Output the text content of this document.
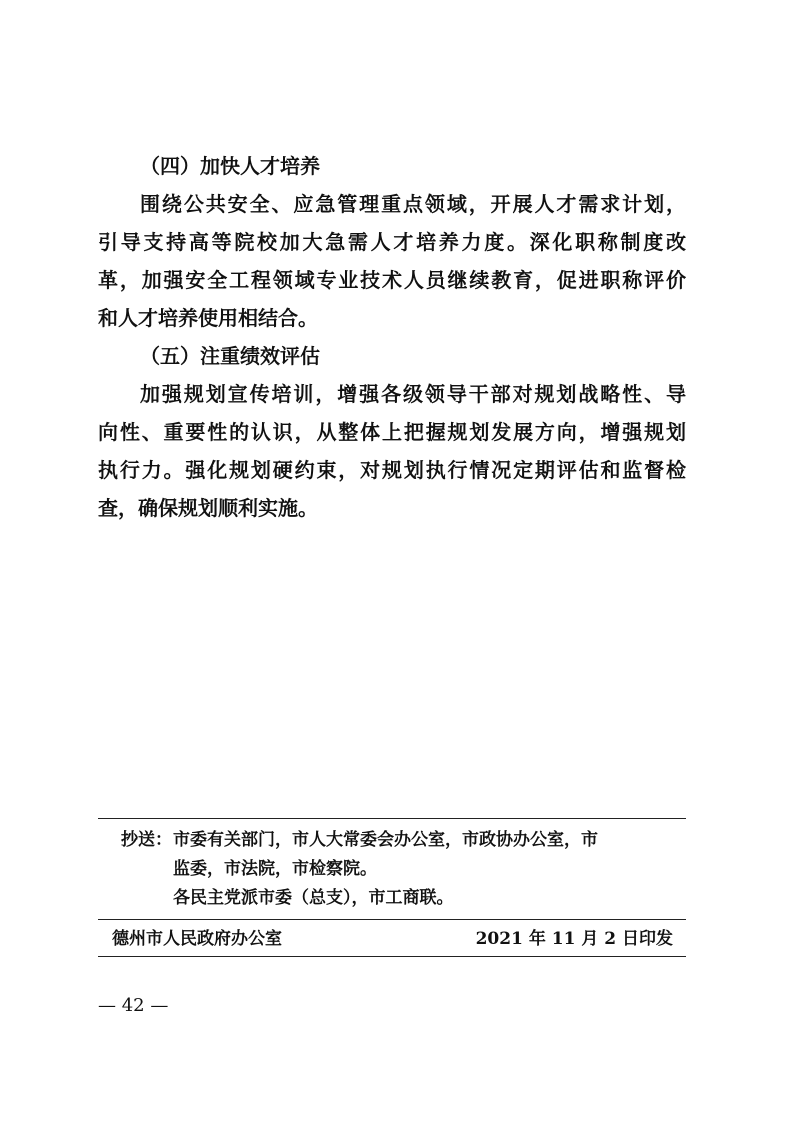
（四）加快人才培养
围绕公共安全、应急管理重点领域，开展人才需求计划，
引导支持高等院校加大急需人才培养力度。深化职称制度改
革，加强安全工程领域专业技术人员继续教育，促进职称评价
和人才培养使用相结合。
（五）注重绩效评估
加强规划宣传培训，增强各级领导干部对规划战略性、导
向性、重要性的认识，从整体上把握规划发展方向，增强规划
执行力。强化规划硬约束，对规划执行情况定期评估和监督检
查，确保规划顺利实施。
抄送： 市委有关部门，市人大常委会办公室，市政协办公室，市
监委，市法院，市检察院。
各民主党派市委（总支），市工商联。
德州市人民政府办公室	2021 年 11 月 2 日印发
— 42 —
